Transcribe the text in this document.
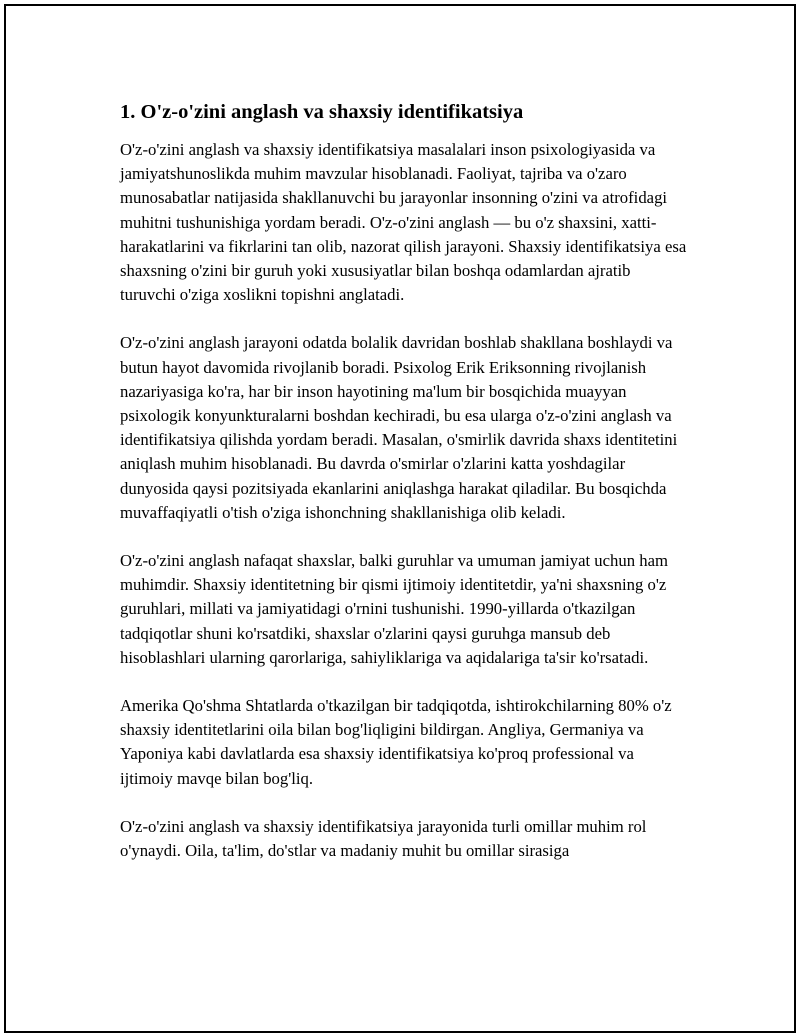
1. O'z-o'zini anglash va shaxsiy identifikatsiya

O'z-o'zini anglash va shaxsiy identifikatsiya masalalari inson psixologiyasida va jamiyatshunoslikda muhim mavzular hisoblanadi. Faoliyat, tajriba va o'zaro munosabatlar natijasida shakllanuvchi bu jarayonlar insonning o'zini va atrofidagi muhitni tushunishiga yordam beradi. O'z-o'zini anglash — bu o'z shaxsini, xatti-harakatlarini va fikrlarini tan olib, nazorat qilish jarayoni. Shaxsiy identifikatsiya esa shaxsning o'zini bir guruh yoki xususiyatlar bilan boshqa odamlardan ajratib turuvchi o'ziga xoslikni topishni anglatadi.

O'z-o'zini anglash jarayoni odatda bolalik davridan boshlab shakllana boshlaydi va butun hayot davomida rivojlanib boradi. Psixolog Erik Eriksonning rivojlanish nazariyasiga ko'ra, har bir inson hayotining ma'lum bir bosqichida muayyan psixologik konyunkturalarni boshdan kechiradi, bu esa ularga o'z-o'zini anglash va identifikatsiya qilishda yordam beradi. Masalan, o'smirlik davrida shaxs identitetini aniqlash muhim hisoblanadi. Bu davrda o'smirlar o'zlarini katta yoshdagilar dunyosida qaysi pozitsiyada ekanlarini aniqlashga harakat qiladilar. Bu bosqichda muvaffaqiyatli o'tish o'ziga ishonchning shakllanishiga olib keladi.

O'z-o'zini anglash nafaqat shaxslar, balki guruhlar va umuman jamiyat uchun ham muhimdir. Shaxsiy identitetning bir qismi ijtimoiy identitetdir, ya'ni shaxsning o'z guruhlari, millati va jamiyatidagi o'rnini tushunishi. 1990-yillarda o'tkazilgan tadqiqotlar shuni ko'rsatdiki, shaxslar o'zlarini qaysi guruhga mansub deb hisoblashlari ularning qarorlariga, sahiyliklariga va aqidalariga ta'sir ko'rsatadi.

Amerika Qo'shma Shtatlarda o'tkazilgan bir tadqiqotda, ishtirokchilarning 80% o'z shaxsiy identitetlarini oila bilan bog'liqligini bildirgan. Angliya, Germaniya va Yaponiya kabi davlatlarda esa shaxsiy identifikatsiya ko'proq professional va ijtimoiy mavqe bilan bog'liq.

O'z-o'zini anglash va shaxsiy identifikatsiya jarayonida turli omillar muhim rol o'ynaydi. Oila, ta'lim, do'stlar va madaniy muhit bu omillar sirasiga
